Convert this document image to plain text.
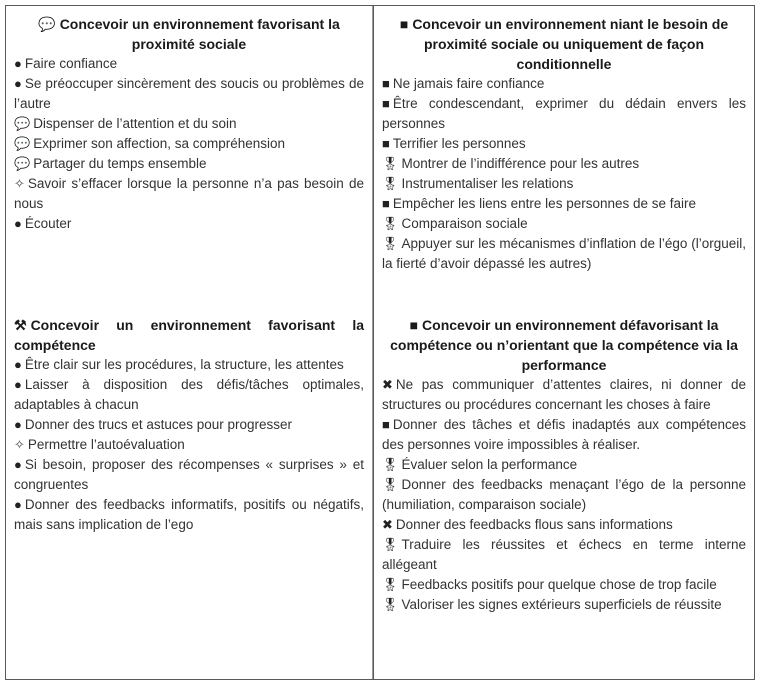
💬 Concevoir un environnement favorisant la proximité sociale
● Faire confiance
● Se préoccuper sincèrement des soucis ou problèmes de l’autre
💬 Dispenser de l’attention et du soin
💬 Exprimer son affection, sa compréhension
💬 Partager du temps ensemble
✧ Savoir s’effacer lorsque la personne n’a pas besoin de nous
● Écouter
⚒ Concevoir un environnement favorisant la compétence
● Être clair sur les procédures, la structure, les attentes
● Laisser à disposition des défis/tâches optimales, adaptables à chacun
● Donner des trucs et astuces pour progresser
✧ Permettre l’autoévaluation
● Si besoin, proposer des récompenses « surprises » et congruentes
● Donner des feedbacks informatifs, positifs ou négatifs, mais sans implication de l’ego
■ Concevoir un environnement niant le besoin de proximité sociale ou uniquement de façon conditionnelle
■ Ne jamais faire confiance
■ Être condescendant, exprimer du dédain envers les personnes
■ Terrifier les personnes
🎖 Montrer de l’indifférence pour les autres
🎖 Instrumentaliser les relations
■ Empêcher les liens entre les personnes de se faire
🎖 Comparaison sociale
🎖 Appuyer sur les mécanismes d’inflation de l’égo (l’orgueil, la fierté d’avoir dépassé les autres)
■ Concevoir un environnement défavorisant la compétence ou n’orientant que la compétence via la performance
✖ Ne pas communiquer d’attentes claires, ni donner de structures ou procédures concernant les choses à faire
■ Donner des tâches et défis inadaptés aux compétences des personnes voire impossibles à réaliser.
🎖 Évaluer selon la performance
🎖 Donner des feedbacks menaçant l’égo de la personne (humiliation, comparaison sociale)
✖ Donner des feedbacks flous sans informations
🎖 Traduire les réussites et échecs en terme interne allégeant
🎖 Feedbacks positifs pour quelque chose de trop facile
🎖 Valoriser les signes extérieurs superficiels de réussite
